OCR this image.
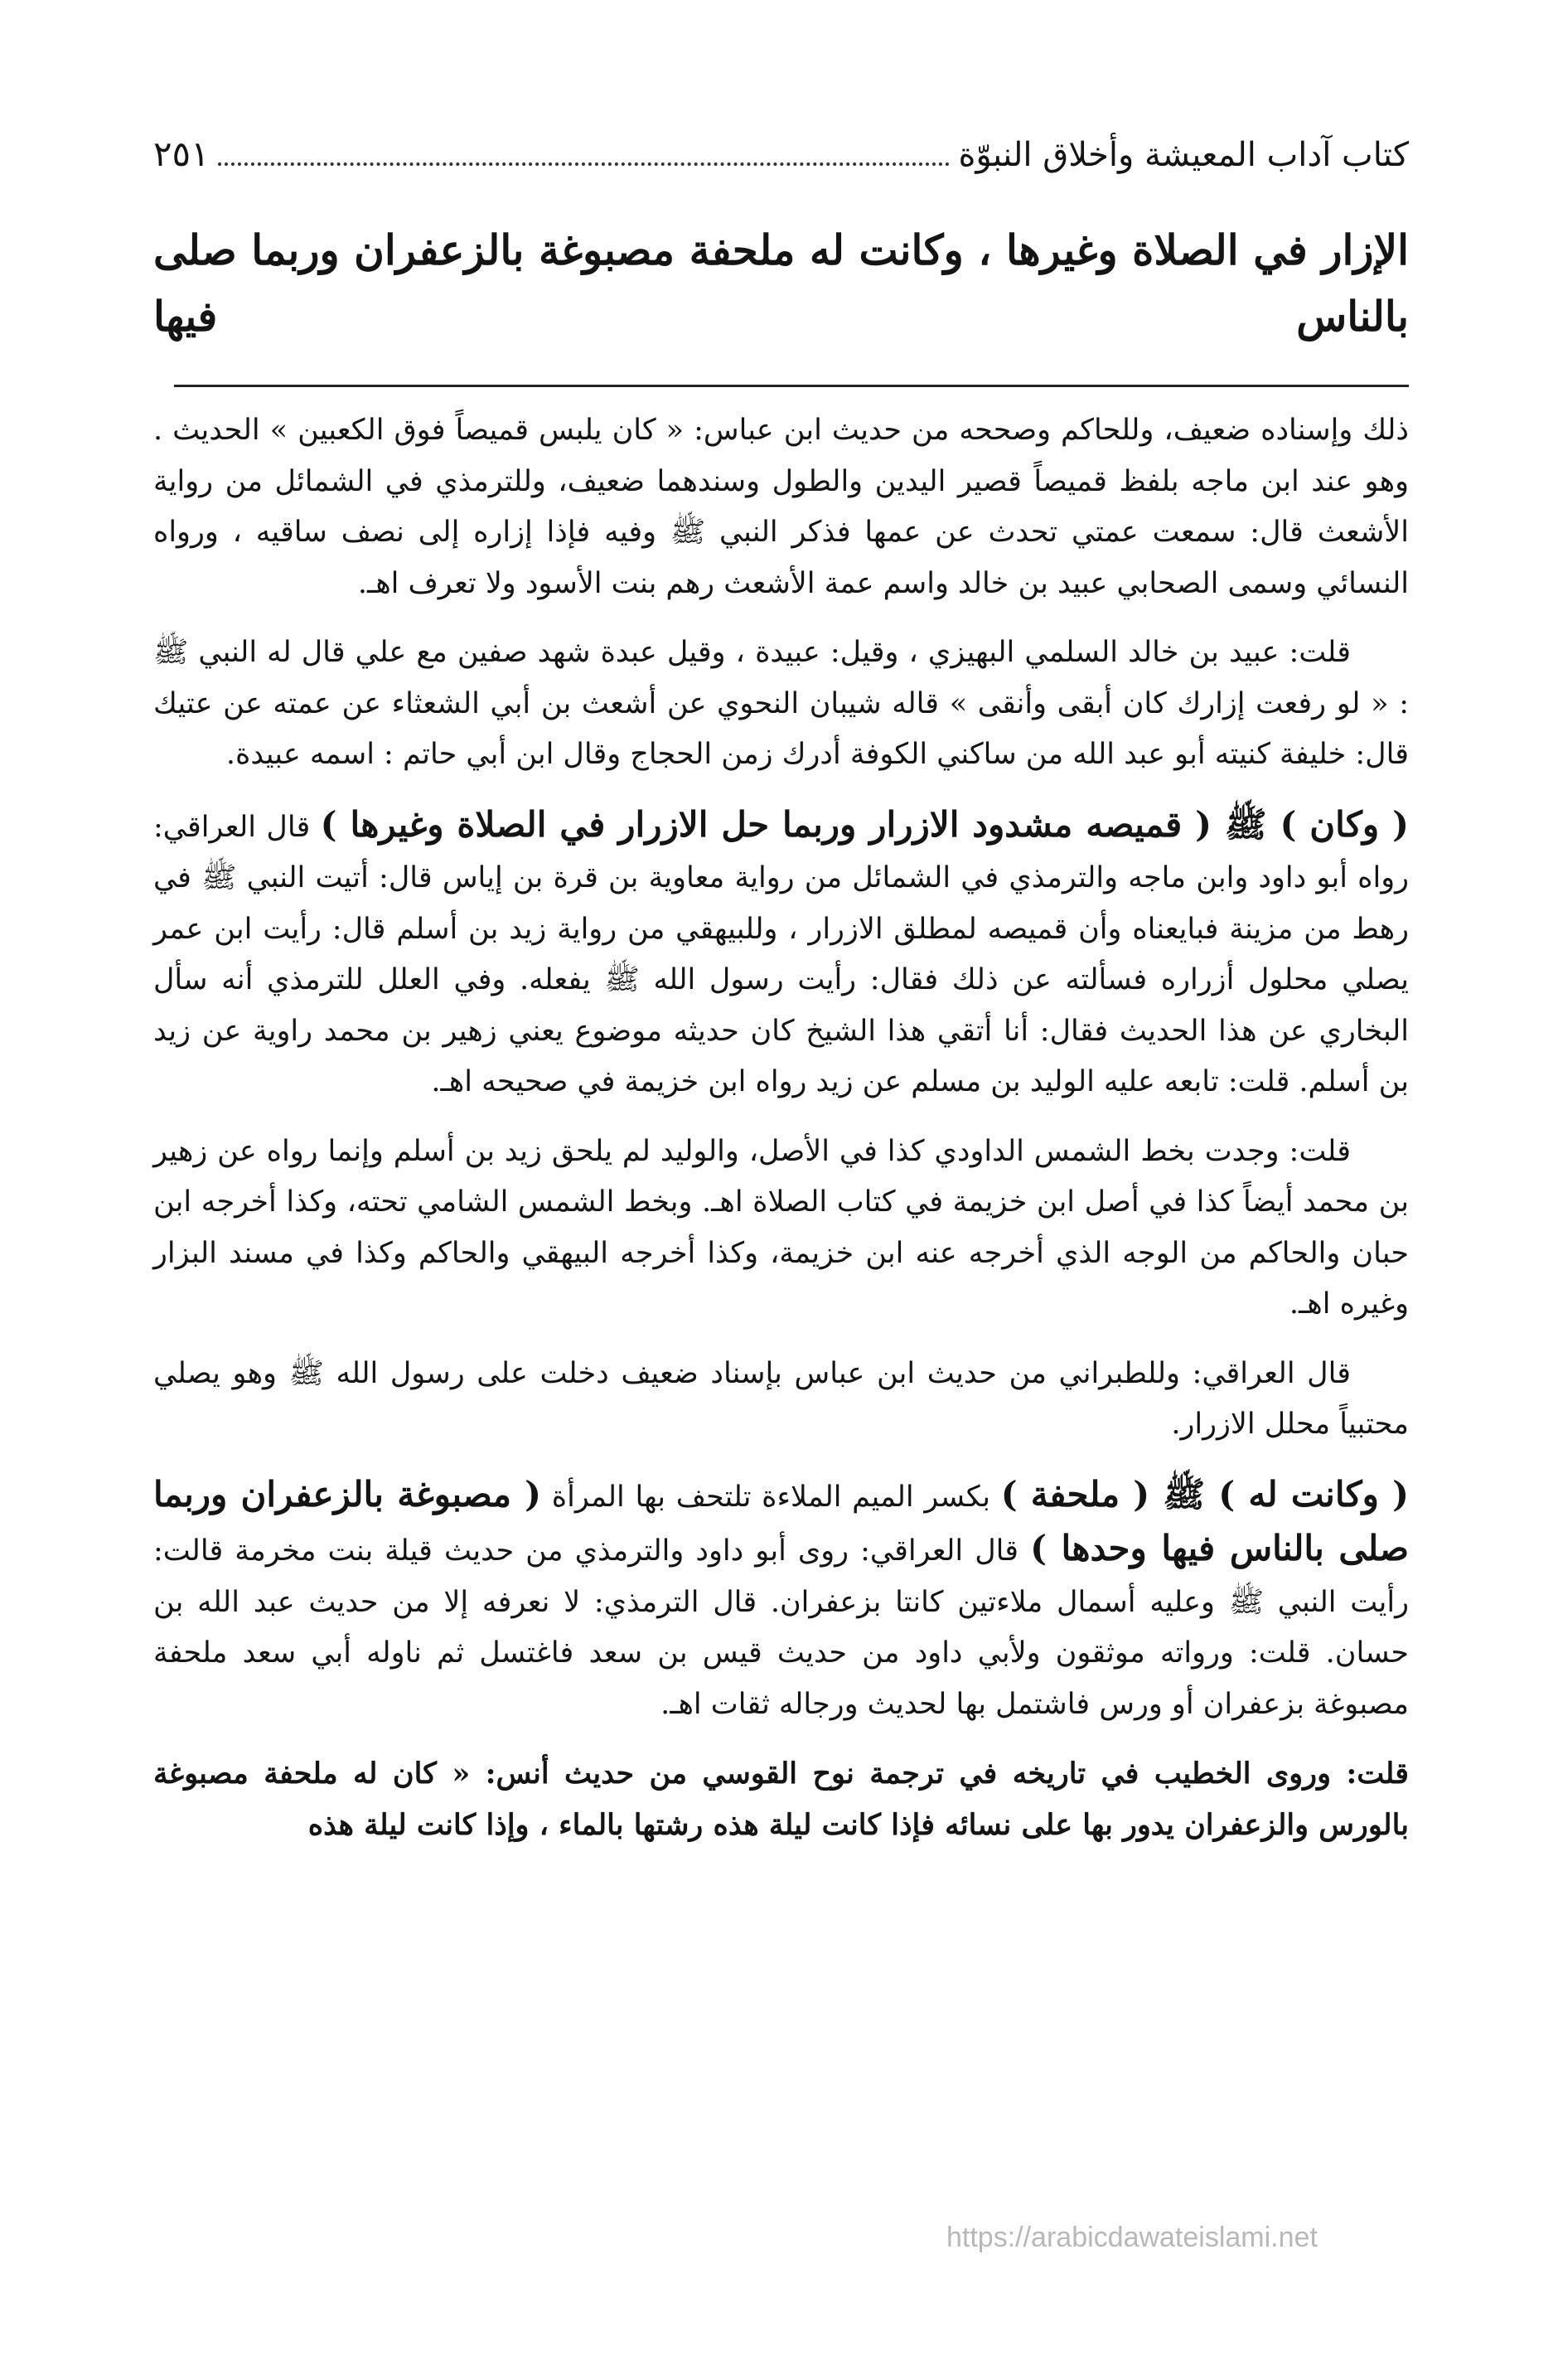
كتاب آداب المعيشة وأخلاق النبوّة
٢٥١
الإزار في الصلاة وغيرها ، وكانت له ملحفة مصبوغة بالزعفران وربما صلى بالناس فيها

ذلك وإسناده ضعيف، وللحاكم وصححه من حديث ابن عباس: « كان يلبس قميصاً فوق الكعبين » الحديث . وهو عند ابن ماجه بلفظ قميصاً قصير اليدين والطول وسندهما ضعيف، وللترمذي في الشمائل من رواية الأشعث قال: سمعت عمتي تحدث عن عمها فذكر النبي ﷺ وفيه فإذا إزاره إلى نصف ساقيه ، ورواه النسائي وسمى الصحابي عبيد بن خالد واسم عمة الأشعث رهم بنت الأسود ولا تعرف اهـ.

قلت: عبيد بن خالد السلمي البهيزي ، وقيل: عبيدة ، وقيل عبدة شهد صفين مع علي قال له النبي ﷺ : « لو رفعت إزارك كان أبقى وأنقى » قاله شيبان النحوي عن أشعث بن أبي الشعثاء عن عمته عن عتيك قال: خليفة كنيته أبو عبد الله من ساكني الكوفة أدرك زمن الحجاج وقال ابن أبي حاتم : اسمه عبيدة.

( وكان ) ﷺ ( قميصه مشدود الازرار وربما حل الازرار في الصلاة وغيرها ) قال العراقي: رواه أبو داود وابن ماجه والترمذي في الشمائل من رواية معاوية بن قرة بن إياس قال: أتيت النبي ﷺ في رهط من مزينة فبايعناه وأن قميصه لمطلق الازرار ، وللبيهقي من رواية زيد بن أسلم قال: رأيت ابن عمر يصلي محلول أزراره فسألته عن ذلك فقال: رأيت رسول الله ﷺ يفعله. وفي العلل للترمذي أنه سأل البخاري عن هذا الحديث فقال: أنا أتقي هذا الشيخ كان حديثه موضوع يعني زهير بن محمد راوية عن زيد بن أسلم. قلت: تابعه عليه الوليد بن مسلم عن زيد رواه ابن خزيمة في صحيحه اهـ.

قلت: وجدت بخط الشمس الداودي كذا في الأصل، والوليد لم يلحق زيد بن أسلم وإنما رواه عن زهير بن محمد أيضاً كذا في أصل ابن خزيمة في كتاب الصلاة اهـ. وبخط الشمس الشامي تحته، وكذا أخرجه ابن حبان والحاكم من الوجه الذي أخرجه عنه ابن خزيمة، وكذا أخرجه البيهقي والحاكم وكذا في مسند البزار وغيره اهـ.

قال العراقي: وللطبراني من حديث ابن عباس بإسناد ضعيف دخلت على رسول الله ﷺ وهو يصلي محتبياً محلل الازرار.

( وكانت له ) ﷺ ( ملحفة ) بكسر الميم الملاءة تلتحف بها المرأة ( مصبوغة بالزعفران وربما صلى بالناس فيها وحدها ) قال العراقي: روى أبو داود والترمذي من حديث قيلة بنت مخرمة قالت: رأيت النبي ﷺ وعليه أسمال ملاءتين كانتا بزعفران. قال الترمذي: لا نعرفه إلا من حديث عبد الله بن حسان. قلت: ورواته موثقون ولأبي داود من حديث قيس بن سعد فاغتسل ثم ناوله أبي سعد ملحفة مصبوغة بزعفران أو ورس فاشتمل بها لحديث ورجاله ثقات اهـ.

قلت: وروى الخطيب في تاريخه في ترجمة نوح القوسي من حديث أنس: « كان له ملحفة مصبوغة بالورس والزعفران يدور بها على نسائه فإذا كانت ليلة هذه رشتها بالماء ، وإذا كانت ليلة هذه

https://arabicdawateislami.net
